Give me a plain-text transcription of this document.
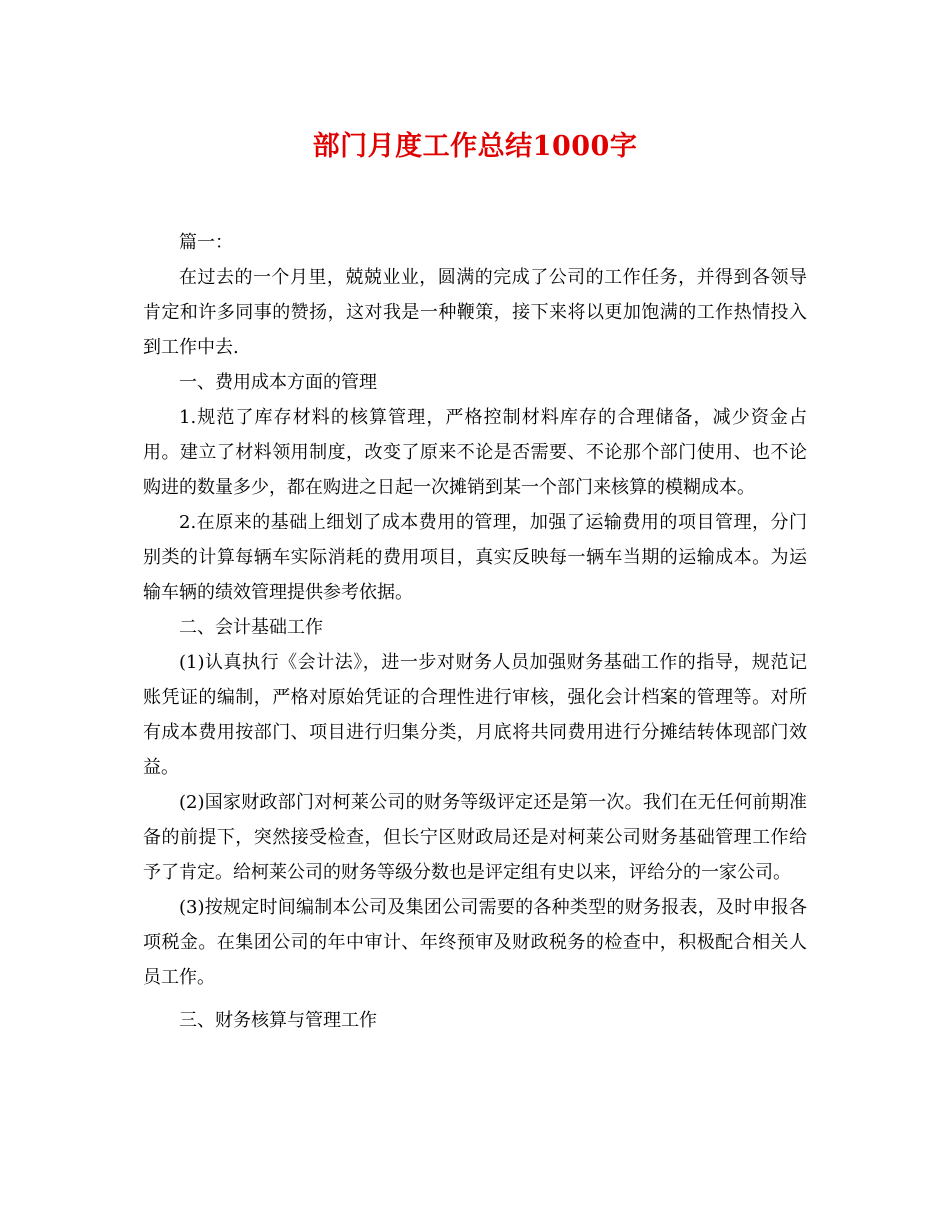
部门月度工作总结1000字

篇一：

在过去的一个月里，兢兢业业，圆满的完成了公司的工作任务，并得到各领导肯定和许多同事的赞扬，这对我是一种鞭策，接下来将以更加饱满的工作热情投入到工作中去.

一、费用成本方面的管理

1.规范了库存材料的核算管理，严格控制材料库存的合理储备，减少资金占用。建立了材料领用制度，改变了原来不论是否需要、不论那个部门使用、也不论购进的数量多少，都在购进之日起一次摊销到某一个部门来核算的模糊成本。

2.在原来的基础上细划了成本费用的管理，加强了运输费用的项目管理，分门别类的计算每辆车实际消耗的费用项目，真实反映每一辆车当期的运输成本。为运输车辆的绩效管理提供参考依据。

二、会计基础工作

(1)认真执行《会计法》，进一步对财务人员加强财务基础工作的指导，规范记账凭证的编制，严格对原始凭证的合理性进行审核，强化会计档案的管理等。对所有成本费用按部门、项目进行归集分类，月底将共同费用进行分摊结转体现部门效益。

(2)国家财政部门对柯莱公司的财务等级评定还是第一次。我们在无任何前期准备的前提下，突然接受检查，但长宁区财政局还是对柯莱公司财务基础管理工作给予了肯定。给柯莱公司的财务等级分数也是评定组有史以来，评给分的一家公司。

(3)按规定时间编制本公司及集团公司需要的各种类型的财务报表，及时申报各项税金。在集团公司的年中审计、年终预审及财政税务的检查中，积极配合相关人员工作。

三、财务核算与管理工作
